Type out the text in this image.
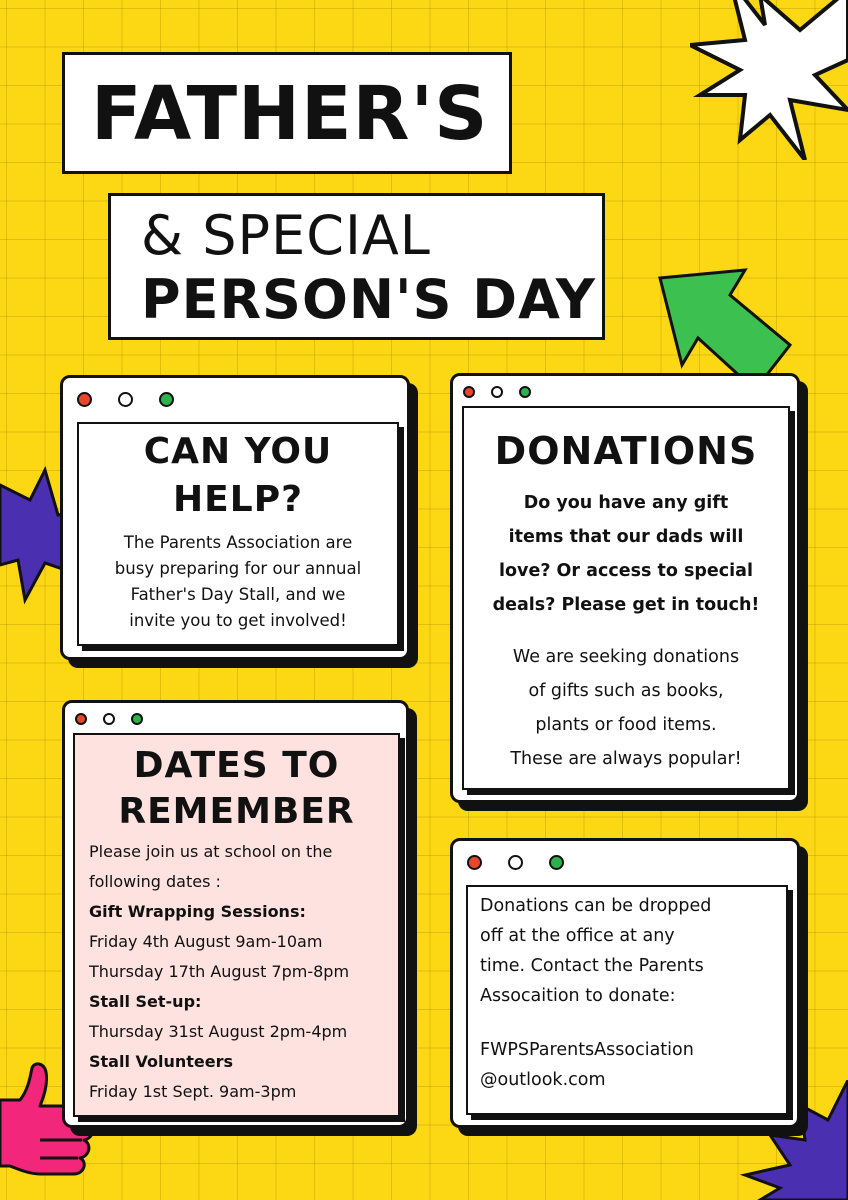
FATHER'S
& SPECIAL
PERSON'S DAY
CAN YOU
HELP?
The Parents Association are
busy preparing for our annual
Father's Day Stall, and we
invite you to get involved!
DONATIONS
Do you have any gift
items that our dads will
love? Or access to special
deals? Please get in touch!
We are seeking donations
of gifts such as books,
plants or food items.
These are always popular!
DATES TO
REMEMBER
Please join us at school on the
following dates :
Gift Wrapping Sessions:
Friday 4th August 9am-10am
Thursday 17th August 7pm-8pm
Stall Set-up:
Thursday 31st August 2pm-4pm
Stall Volunteers
Friday 1st Sept. 9am-3pm
Donations can be dropped
off at the office at any
time. Contact the Parents
Assocaition to donate:
FWPSParentsAssociation
@outlook.com
